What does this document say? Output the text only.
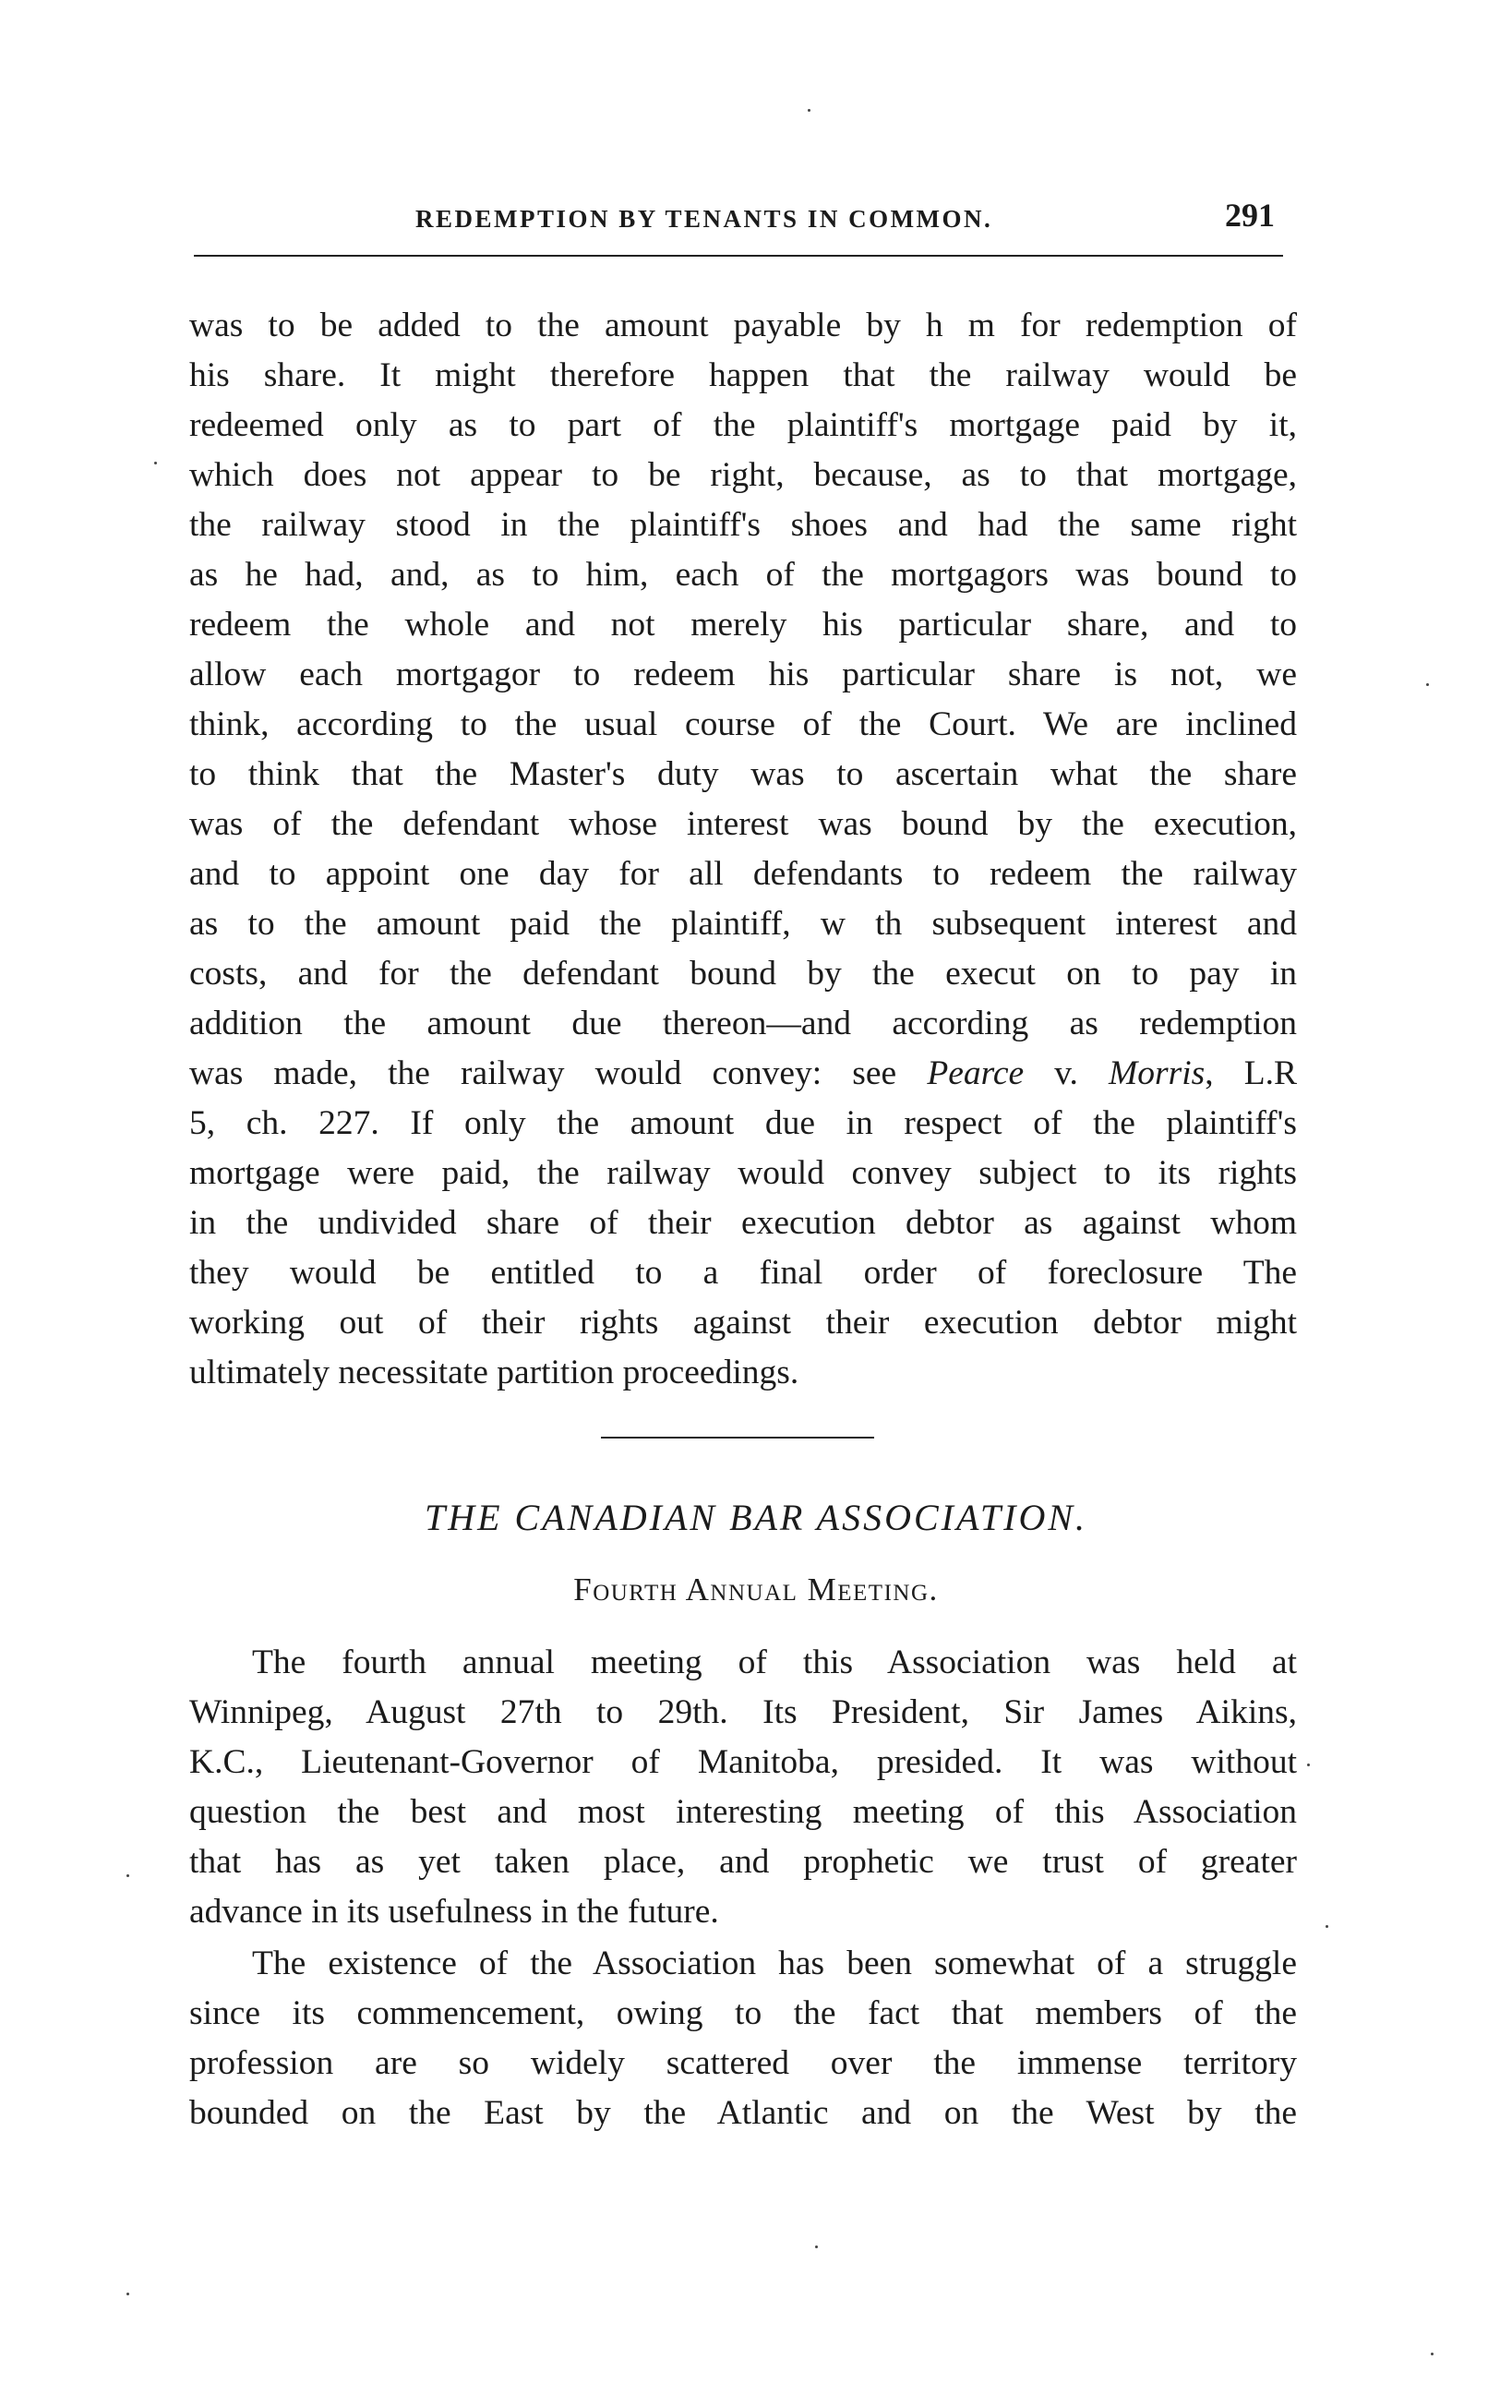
REDEMPTION BY TENANTS IN COMMON.	291
was to be added to the amount payable by h m for redemption of
his share. It might therefore happen that the railway would be
redeemed only as to part of the plaintiff's mortgage paid by it,
which does not appear to be right, because, as to that mortgage,
the railway stood in the plaintiff's shoes and had the same right
as he had, and, as to him, each of the mortgagors was bound to
redeem the whole and not merely his particular share, and to
allow each mortgagor to redeem his particular share is not, we
think, according to the usual course of the Court. We are inclined
to think that the Master's duty was to ascertain what the share
was of the defendant whose interest was bound by the execution,
and to appoint one day for all defendants to redeem the railway
as to the amount paid the plaintiff, w th subsequent interest and
costs, and for the defendant bound by the execut on to pay in
addition the amount due thereon—and according as redemption
was made, the railway would convey: see Pearce v. Morris, L.R
5, ch. 227. If only the amount due in respect of the plaintiff's
mortgage were paid, the railway would convey subject to its rights
in the undivided share of their execution debtor as against whom
they would be entitled to a final order of foreclosure The
working out of their rights against their execution debtor might
ultimately necessitate partition proceedings.
THE CANADIAN BAR ASSOCIATION.
Fourth Annual Meeting.
The fourth annual meeting of this Association was held at
Winnipeg, August 27th to 29th. Its President, Sir James Aikins,
K.C., Lieutenant-Governor of Manitoba, presided. It was without
question the best and most interesting meeting of this Association
that has as yet taken place, and prophetic we trust of greater
advance in its usefulness in the future.
The existence of the Association has been somewhat of a struggle
since its commencement, owing to the fact that members of the
profession are so widely scattered over the immense territory
bounded on the East by the Atlantic and on the West by the
